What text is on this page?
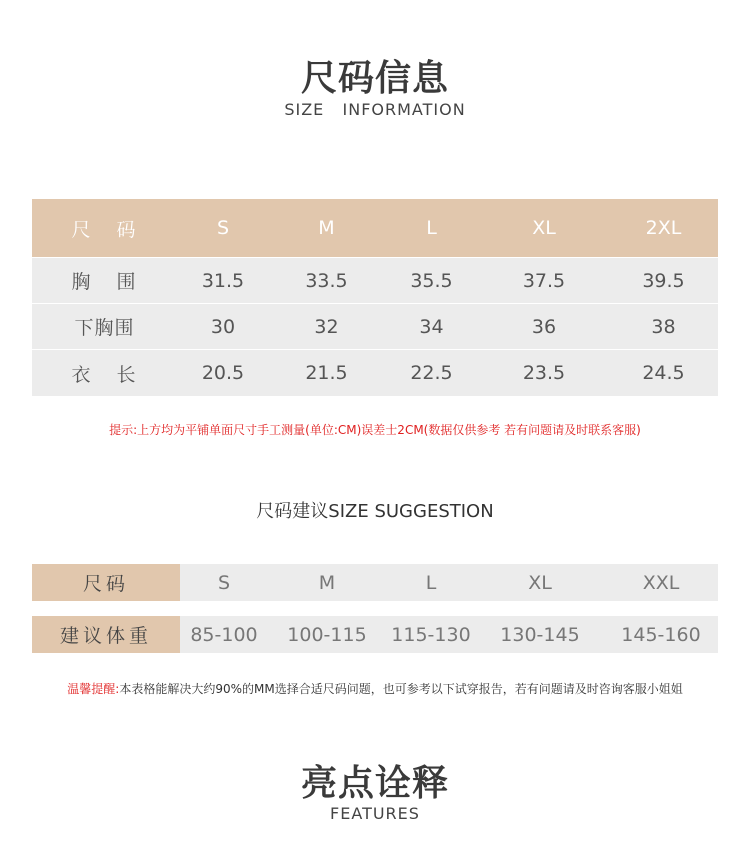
尺码信息
SIZE   INFORMATION
尺   码	S	M	L	XL	2XL
胸   围	31.5	33.5	35.5	37.5	39.5
下胸围	30	32	34	36	38
衣   长	20.5	21.5	22.5	23.5	24.5
提示:上方均为平铺单面尺寸手工测量(单位:CM)误差士2CM(数据仅供参考 若有问题请及时联系客服)
尺码建议SIZE SUGGESTION
尺码	S	M	L	XL	XXL
建议体重	85-100	100-115	115-130	130-145	145-160
温馨提醒:本表格能解决大约90%的MM选择合适尺码问题，也可参考以下试穿报告，若有问题请及时咨询客服小姐姐
亮点诠释
FEATURES
